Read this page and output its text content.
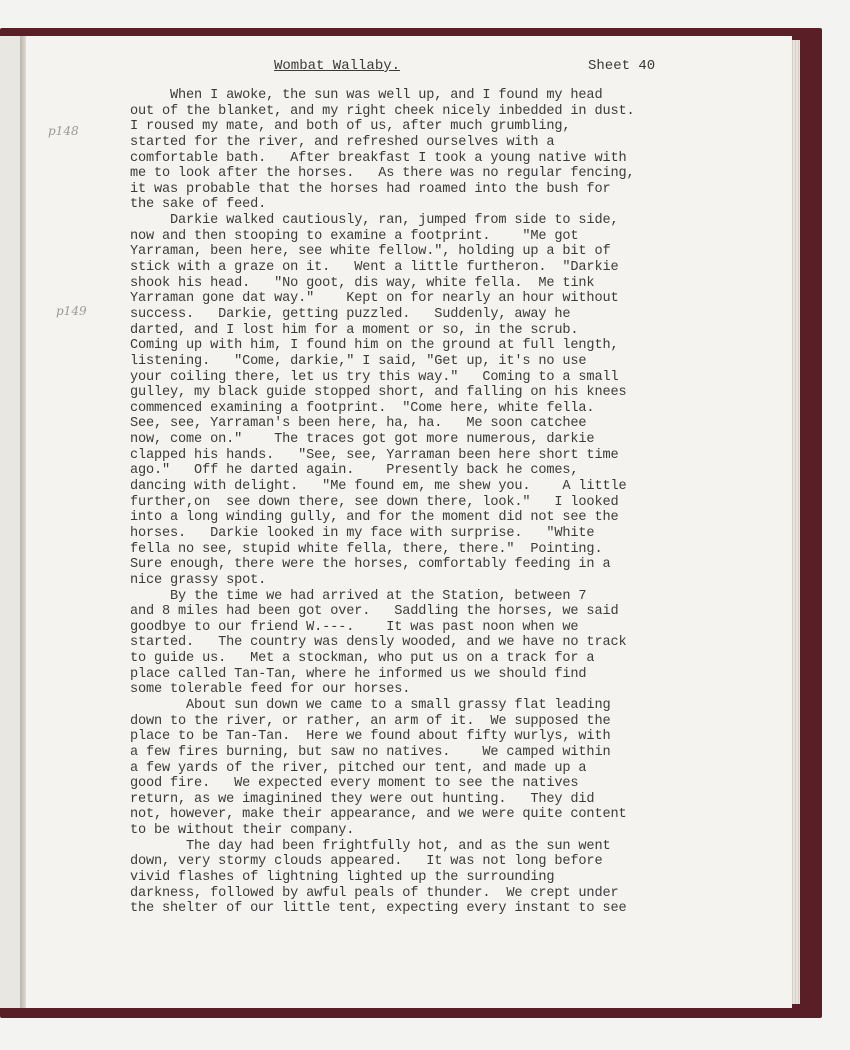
Wombat Wallaby.	Sheet 40
p148
p149
When I awoke, the sun was well up, and I found my head
out of the blanket, and my right cheek nicely inbedded in dust.
I roused my mate, and both of us, after much grumbling,
started for the river, and refreshed ourselves with a
comfortable bath.   After breakfast I took a young native with
me to look after the horses.   As there was no regular fencing,
it was probable that the horses had roamed into the bush for
the sake of feed.
Darkie walked cautiously, ran, jumped from side to side,
now and then stooping to examine a footprint.    "Me got
Yarraman, been here, see white fellow.", holding up a bit of
stick with a graze on it.   Went a little furtheron.  "Darkie
shook his head.   "No goot, dis way, white fella.  Me tink
Yarraman gone dat way."    Kept on for nearly an hour without
success.   Darkie, getting puzzled.   Suddenly, away he
darted, and I lost him for a moment or so, in the scrub.
Coming up with him, I found him on the ground at full length,
listening.   "Come, darkie," I said, "Get up, it's no use
your coiling there, let us try this way."   Coming to a small
gulley, my black guide stopped short, and falling on his knees
commenced examining a footprint.  "Come here, white fella.
See, see, Yarraman's been here, ha, ha.   Me soon catchee
now, come on."    The traces got got more numerous, darkie
clapped his hands.   "See, see, Yarraman been here short time
ago."   Off he darted again.    Presently back he comes,
dancing with delight.   "Me found em, me shew you.    A little
further,on  see down there, see down there, look."   I looked
into a long winding gully, and for the moment did not see the
horses.   Darkie looked in my face with surprise.   "White
fella no see, stupid white fella, there, there."  Pointing.
Sure enough, there were the horses, comfortably feeding in a
nice grassy spot.
By the time we had arrived at the Station, between 7
and 8 miles had been got over.   Saddling the horses, we said
goodbye to our friend W.---.    It was past noon when we
started.   The country was densly wooded, and we have no track
to guide us.   Met a stockman, who put us on a track for a
place called Tan-Tan, where he informed us we should find
some tolerable feed for our horses.
About sun down we came to a small grassy flat leading
down to the river, or rather, an arm of it.  We supposed the
place to be Tan-Tan.  Here we found about fifty wurlys, with
a few fires burning, but saw no natives.    We camped within
a few yards of the river, pitched our tent, and made up a
good fire.   We expected every moment to see the natives
return, as we imaginined they were out hunting.   They did
not, however, make their appearance, and we were quite content
to be without their company.
The day had been frightfully hot, and as the sun went
down, very stormy clouds appeared.   It was not long before
vivid flashes of lightning lighted up the surrounding
darkness, followed by awful peals of thunder.  We crept under
the shelter of our little tent, expecting every instant to see
